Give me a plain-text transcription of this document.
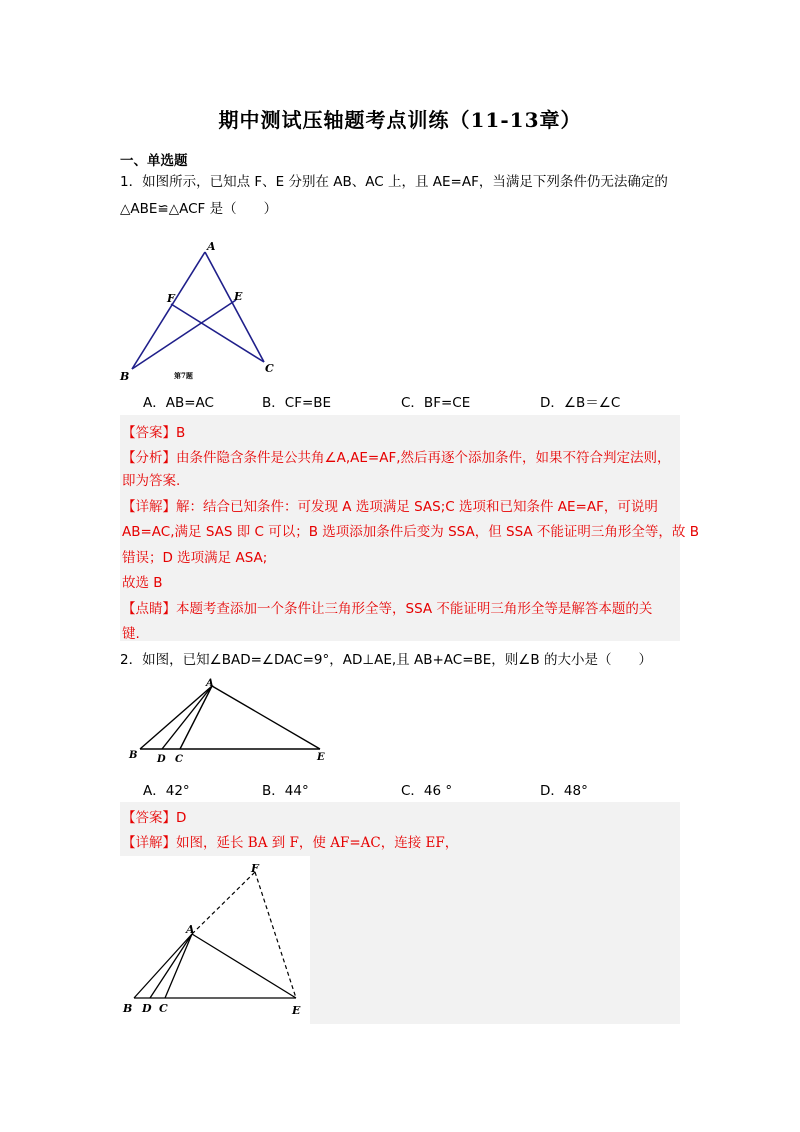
期中测试压轴题考点训练（11-13章）
一、单选题
1．如图所示，已知点 F、E 分别在 AB、AC 上，且 AE=AF，当满足下列条件仍无法确定的
△ABE≌△ACF 是（　　）
A
F	E
B
C
第7题
A．AB=AC	B．CF=BE	C．BF=CE	D．∠B＝∠C
【答案】B
【分析】由条件隐含条件是公共角∠A,AE=AF,然后再逐个添加条件，如果不符合判定法则，
即为答案.
【详解】解：结合已知条件：可发现 A 选项满足 SAS;C 选项和已知条件 AE=AF，可说明
AB=AC,满足 SAS 即 C 可以；B 选项添加条件后变为 SSA，但 SSA 不能证明三角形全等，故 B
错误；D 选项满足 ASA;
故选 B
【点睛】本题考查添加一个条件让三角形全等，SSA 不能证明三角形全等是解答本题的关
键.
2．如图，已知∠BAD=∠DAC=9°，AD⊥AE,且 AB+AC=BE，则∠B 的大小是（　　）
A
B D C	E
A．42°	B．44°	C．46 °	D．48°
【答案】D
【详解】如图，延长 BA 到 F，使 AF=AC，连接 EF，
F
A
B D C	E
